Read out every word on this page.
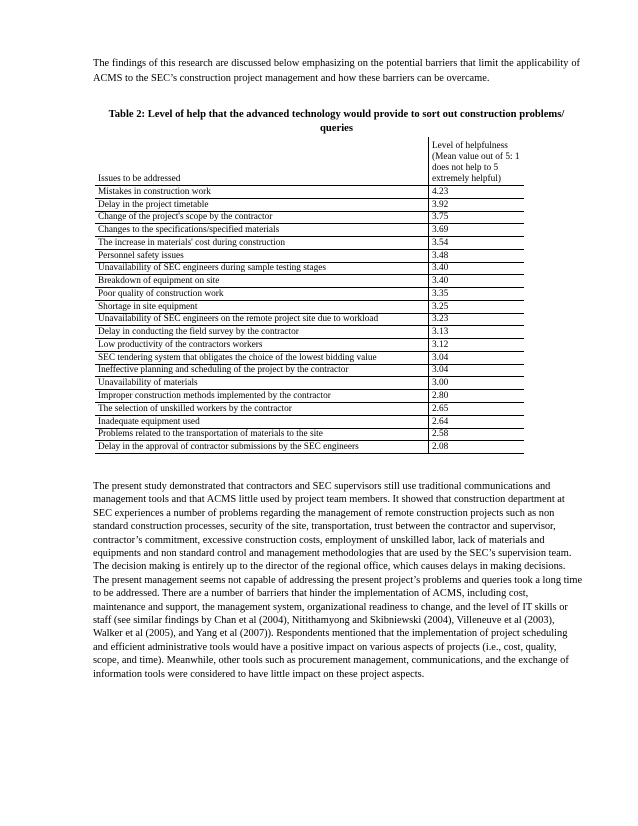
The findings of this research are discussed below emphasizing on the potential barriers that limit the applicability of ACMS to the SEC’s construction project management and how these barriers can be overcame.

Table 2: Level of help that the advanced technology would provide to sort out construction problems/ queries

Issues to be addressed	Level of helpfulness (Mean value out of 5: 1 does not help to 5 extremely helpful)
Mistakes in construction work	4.23
Delay in the project timetable	3.92
Change of the project's scope by the contractor	3.75
Changes to the specifications/specified materials	3.69
The increase in materials' cost during construction	3.54
Personnel safety issues	3.48
Unavailability of SEC engineers during sample testing stages	3.40
Breakdown of equipment on site	3.40
Poor quality of construction work	3.35
Shortage in site equipment	3.25
Unavailability of SEC engineers on the remote project site due to workload	3.23
Delay in conducting the field survey by the contractor	3.13
Low productivity of the contractors workers	3.12
SEC tendering system that obligates the choice of the lowest bidding value	3.04
Ineffective planning and scheduling of the project by the contractor	3.04
Unavailability of materials	3.00
Improper construction methods implemented by the contractor	2.80
The selection of unskilled workers by the contractor	2.65
Inadequate equipment used	2.64
Problems related to the transportation of materials to the site	2.58
Delay in the approval of contractor submissions by the SEC engineers	2.08

The present study demonstrated that contractors and SEC supervisors still use traditional communications and management tools and that ACMS little used by project team members. It showed that construction department at SEC experiences a number of problems regarding the management of remote construction projects such as non standard construction processes, security of the site, transportation, trust between the contractor and supervisor, contractor’s commitment, excessive construction costs, employment of unskilled labor, lack of materials and equipments and non standard control and management methodologies that are used by the SEC’s supervision team. The decision making is entirely up to the director of the regional office, which causes delays in making decisions. The present management seems not capable of addressing the present project’s problems and queries took a long time to be addressed. There are a number of barriers that hinder the implementation of ACMS, including cost, maintenance and support, the management system, organizational readiness to change, and the level of IT skills or staff (see similar findings by Chan et al (2004), Nitithamyong and Skibniewski (2004), Villeneuve et al (2003), Walker et al (2005), and Yang et al (2007)). Respondents mentioned that the implementation of project scheduling and efficient administrative tools would have a positive impact on various aspects of projects (i.e., cost, quality, scope, and time). Meanwhile, other tools such as procurement management, communications, and the exchange of information tools were considered to have little impact on these project aspects.
